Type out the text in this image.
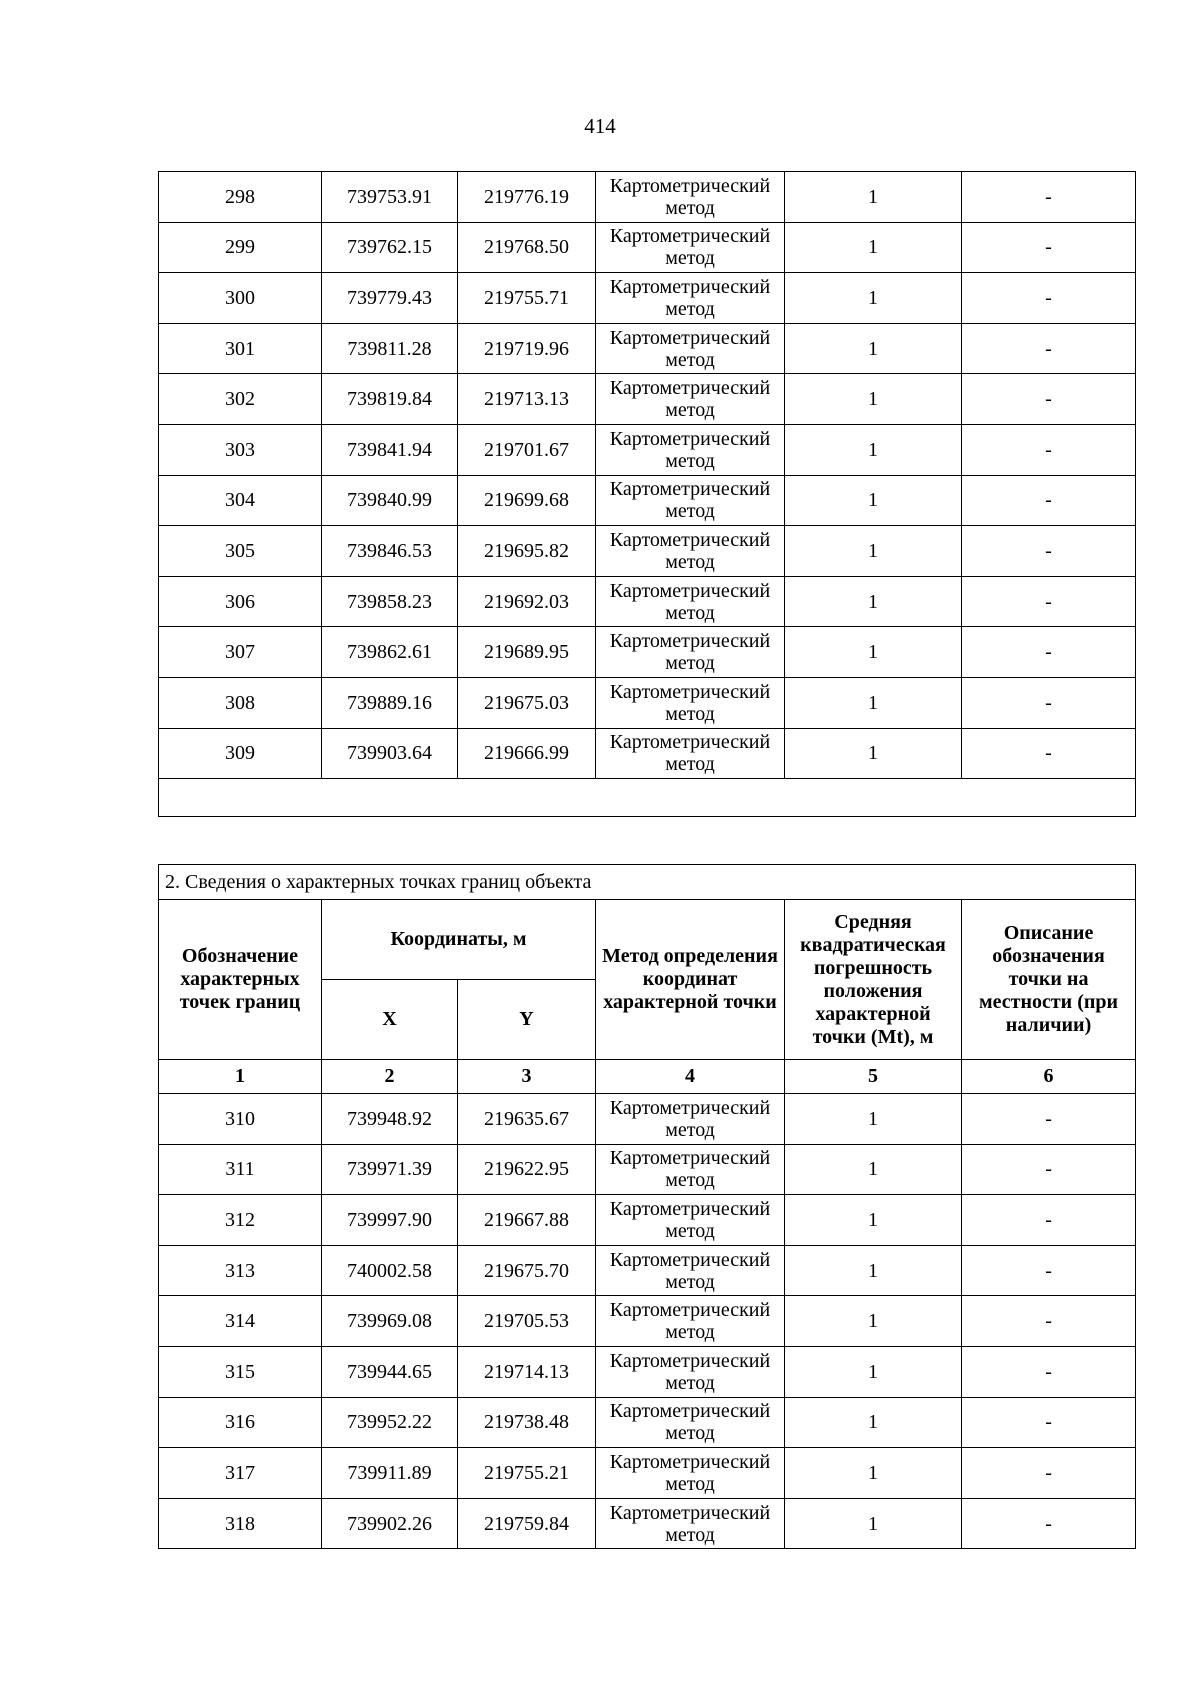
414
298	739753.91	219776.19	Картометрический метод	1	-
299	739762.15	219768.50	Картометрический метод	1	-
300	739779.43	219755.71	Картометрический метод	1	-
301	739811.28	219719.96	Картометрический метод	1	-
302	739819.84	219713.13	Картометрический метод	1	-
303	739841.94	219701.67	Картометрический метод	1	-
304	739840.99	219699.68	Картометрический метод	1	-
305	739846.53	219695.82	Картометрический метод	1	-
306	739858.23	219692.03	Картометрический метод	1	-
307	739862.61	219689.95	Картометрический метод	1	-
308	739889.16	219675.03	Картометрический метод	1	-
309	739903.64	219666.99	Картометрический метод	1	-

2. Сведения о характерных точках границ объекта					
Обозначение характерных точек границ	Координаты, м		Метод определения координат характерной точки	Средняя квадратическая погрешность положения характерной точки (Mt), м	Описание обозначения точки на местности (при наличии)
	X	Y			
1	2	3	4	5	6
310	739948.92	219635.67	Картометрический метод	1	-
311	739971.39	219622.95	Картометрический метод	1	-
312	739997.90	219667.88	Картометрический метод	1	-
313	740002.58	219675.70	Картометрический метод	1	-
314	739969.08	219705.53	Картометрический метод	1	-
315	739944.65	219714.13	Картометрический метод	1	-
316	739952.22	219738.48	Картометрический метод	1	-
317	739911.89	219755.21	Картометрический метод	1	-
318	739902.26	219759.84	Картометрический метод	1	-
